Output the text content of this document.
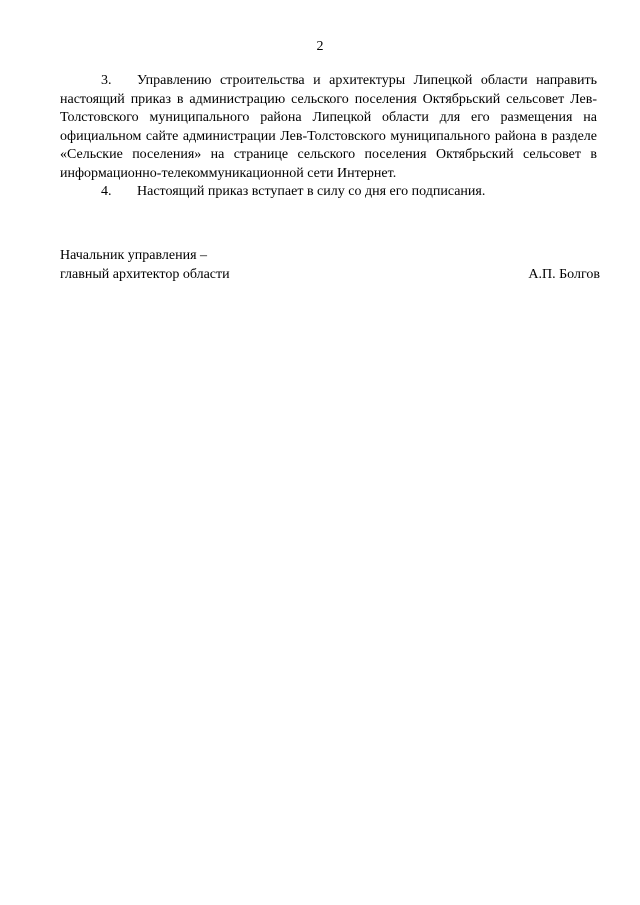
2

3. Управлению строительства и архитектуры Липецкой области направить настоящий приказ в администрацию сельского поселения Октябрьский сельсовет Лев-Толстовского муниципального района Липецкой области для его размещения на официальном сайте администрации Лев-Толстовского муниципального района в разделе «Сельские поселения» на странице сельского поселения Октябрьский сельсовет в информационно-телекоммуникационной сети Интернет.

4. Настоящий приказ вступает в силу со дня его подписания.

Начальник управления –
главный архитектор области	А.П. Болгов
